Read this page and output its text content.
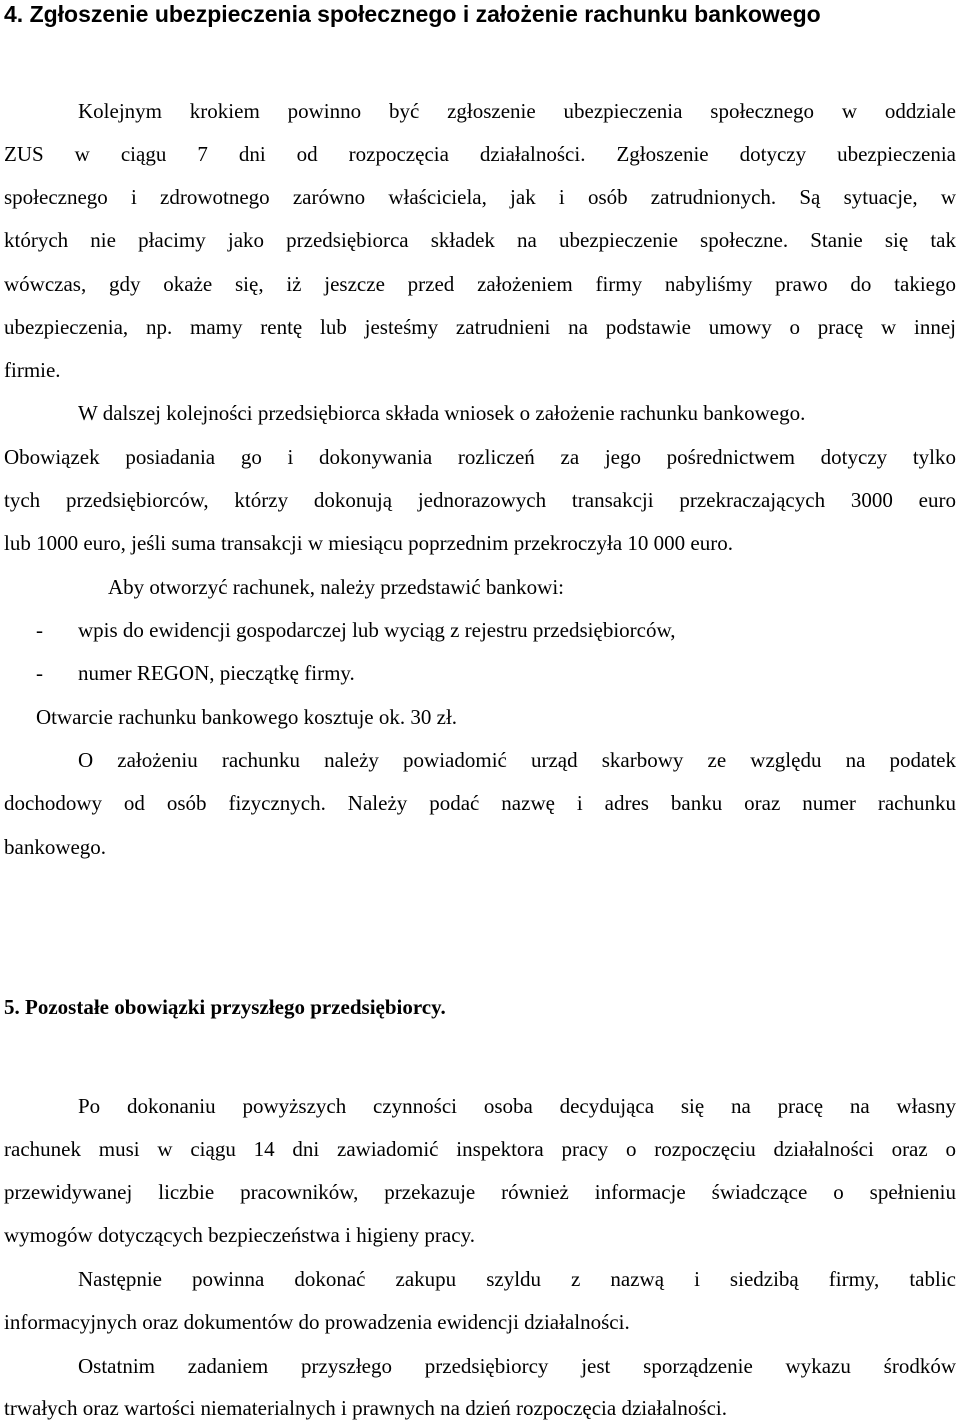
4. Zgłoszenie ubezpieczenia społecznego i założenie rachunku bankowego
Kolejnym krokiem powinno być zgłoszenie ubezpieczenia społecznego w oddziale
ZUS w ciągu 7 dni od rozpoczęcia działalności. Zgłoszenie dotyczy ubezpieczenia
społecznego i zdrowotnego zarówno właściciela, jak i osób zatrudnionych. Są sytuacje, w
których nie płacimy jako przedsiębiorca składek na ubezpieczenie społeczne. Stanie się tak
wówczas, gdy okaże się, iż jeszcze przed założeniem firmy nabyliśmy prawo do takiego
ubezpieczenia, np. mamy rentę lub jesteśmy zatrudnieni na podstawie umowy o pracę w innej
firmie.
W dalszej kolejności przedsiębiorca składa wniosek o założenie rachunku bankowego.
Obowiązek posiadania go i dokonywania rozliczeń za jego pośrednictwem dotyczy tylko
tych przedsiębiorców, którzy dokonują jednorazowych transakcji przekraczających 3000 euro
lub 1000 euro, jeśli suma transakcji w miesiącu poprzednim przekroczyła 10 000 euro.
Aby otworzyć rachunek, należy przedstawić bankowi:
- wpis do ewidencji gospodarczej lub wyciąg z rejestru przedsiębiorców,
- numer REGON, pieczątkę firmy.
Otwarcie rachunku bankowego kosztuje ok. 30 zł.
O założeniu rachunku należy powiadomić urząd skarbowy ze względu na podatek
dochodowy od osób fizycznych. Należy podać nazwę i adres banku oraz numer rachunku
bankowego.
5. Pozostałe obowiązki przyszłego przedsiębiorcy.
Po dokonaniu powyższych czynności osoba decydująca się na pracę na własny
rachunek musi w ciągu 14 dni zawiadomić inspektora pracy o rozpoczęciu działalności oraz o
przewidywanej liczbie pracowników, przekazuje również informacje świadczące o spełnieniu
wymogów dotyczących bezpieczeństwa i higieny pracy.
Następnie powinna dokonać zakupu szyldu z nazwą i siedzibą firmy, tablic
informacyjnych oraz dokumentów do prowadzenia ewidencji działalności.
Ostatnim zadaniem przyszłego przedsiębiorcy jest sporządzenie wykazu środków
trwałych oraz wartości niematerialnych i prawnych na dzień rozpoczęcia działalności.
